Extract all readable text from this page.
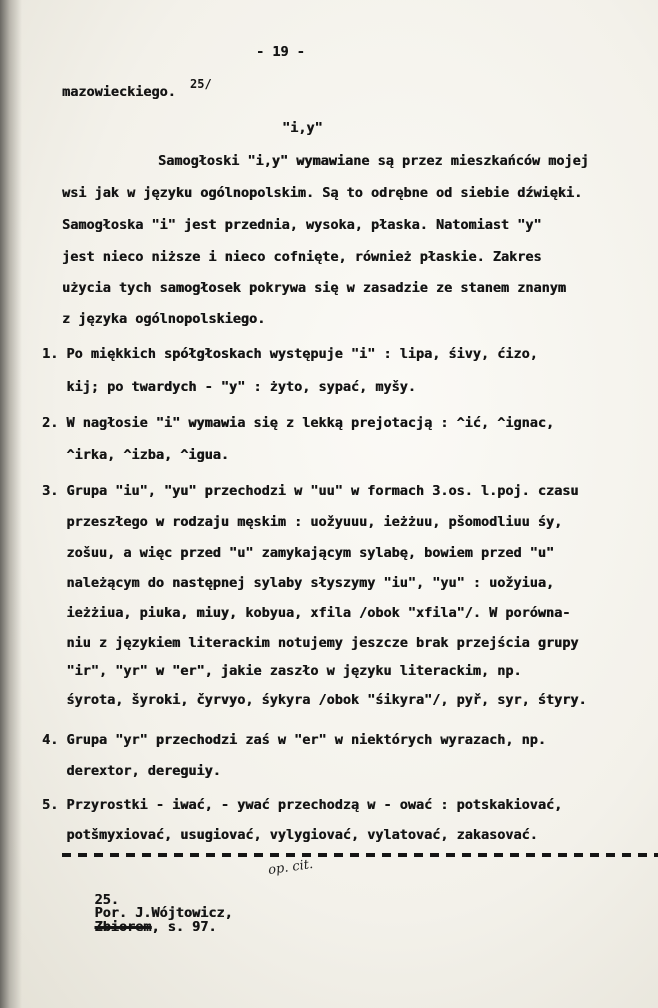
- 19 -
mazowieckiego. 25/
"i,y"
Samogłoski "i,y" wymawiane są przez mieszkańców mojej
wsi jak w języku ogólnopolskim. Są to odrębne od siebie dźwięki.
Samogłoska "i" jest przednia, wysoka, płaska. Natomiast "y"
jest nieco niższe i nieco cofnięte, również płaskie. Zakres
użycia tych samogłosek pokrywa się w zasadzie ze stanem znanym
z języka ogólnopolskiego.
1. Po miękkich spółgłoskach występuje "i" : lipa, śivy, ćizo,
kij; po twardych - "y" : żyto, sypać, myšy.
2. W nagłosie "i" wymawia się z lekką prejotacją : ^ić, ^ignac,
^irka, ^izba, ^igua.
3. Grupa "iu", "yu" przechodzi w "uu" w formach 3.os. l.poj. czasu
przeszłego w rodzaju męskim : uožyuuu, ieżżuu, pšomodliuu śy,
zošuu, a więc przed "u" zamykającym sylabę, bowiem przed "u"
należącym do następnej sylaby słyszymy "iu", "yu" : uožyiua,
ieżżiua, piuka, miuy, kobyua, xfila /obok "xfila"/. W porówna-
niu z językiem literackim notujemy jeszcze brak przejścia grupy
"ir", "yr" w "er", jakie zaszło w języku literackim, np.
śyrota, šyroki, čyrvyo, śykyra /obok "śikyra"/, pyř, syr, śtyry.
4. Grupa "yr" przechodzi zaś w "er" w niektórych wyrazach, np.
derextor, dereguiy.
5. Przyrostki - iwać, - ywać przechodzą w - ować : potskakiovać,
potšmyxiovać, usugiovać, vylygiovać, vylatovać, zakasovać.
op. cit.

25.
Por. J.Wójtowicz,
Zbiorem, s. 97.
